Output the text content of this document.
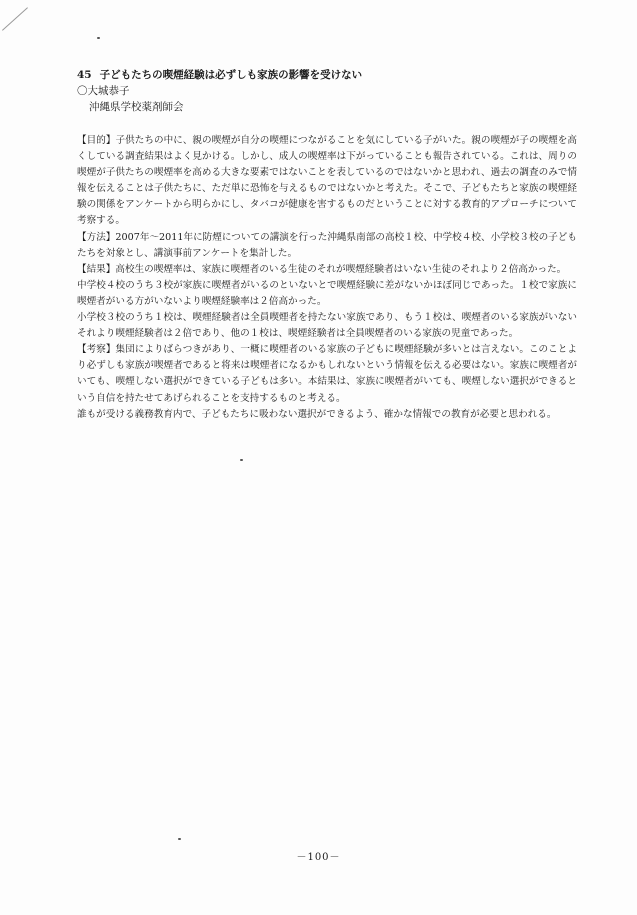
45 子どもたちの喫煙経験は必ずしも家族の影響を受けない

〇大城恭子

沖縄県学校薬剤師会

【目的】子供たちの中に、親の喫煙が自分の喫煙につながることを気にしている子がいた。親の喫煙が子の喫煙を高くしている調査結果はよく見かける。しかし、成人の喫煙率は下がっていることも報告されている。これは、周りの喫煙が子供たちの喫煙率を高める大きな要素ではないことを表しているのではないかと思われ、過去の調査のみで情報を伝えることは子供たちに、ただ単に恐怖を与えるものではないかと考えた。そこで、子どもたちと家族の喫煙経験の関係をアンケートから明らかにし、タバコが健康を害するものだということに対する教育的アプローチについて考察する。

【方法】2007年～2011年に防煙についての講演を行った沖縄県南部の高校１校、中学校４校、小学校３校の子どもたちを対象とし、講演事前アンケートを集計した。

【結果】高校生の喫煙率は、家族に喫煙者のいる生徒のそれが喫煙経験者はいない生徒のそれより２倍高かった。

中学校４校のうち３校が家族に喫煙者がいるのといないとで喫煙経験に差がないかほぼ同じであった。１校で家族に喫煙者がいる方がいないより喫煙経験率は２倍高かった。

小学校３校のうち１校は、喫煙経験者は全員喫煙者を持たない家族であり、もう１校は、喫煙者のいる家族がいないそれより喫煙経験者は２倍であり、他の１校は、喫煙経験者は全員喫煙者のいる家族の児童であった。

【考察】集団によりばらつきがあり、一概に喫煙者のいる家族の子どもに喫煙経験が多いとは言えない。このことより必ずしも家族が喫煙者であると将来は喫煙者になるかもしれないという情報を伝える必要はない。家族に喫煙者がいても、喫煙しない選択ができている子どもは多い。本結果は、家族に喫煙者がいても、喫煙しない選択ができるという自信を持たせてあげられることを支持するものと考える。

誰もが受ける義務教育内で、子どもたちに吸わない選択ができるよう、確かな情報での教育が必要と思われる。

－100－
